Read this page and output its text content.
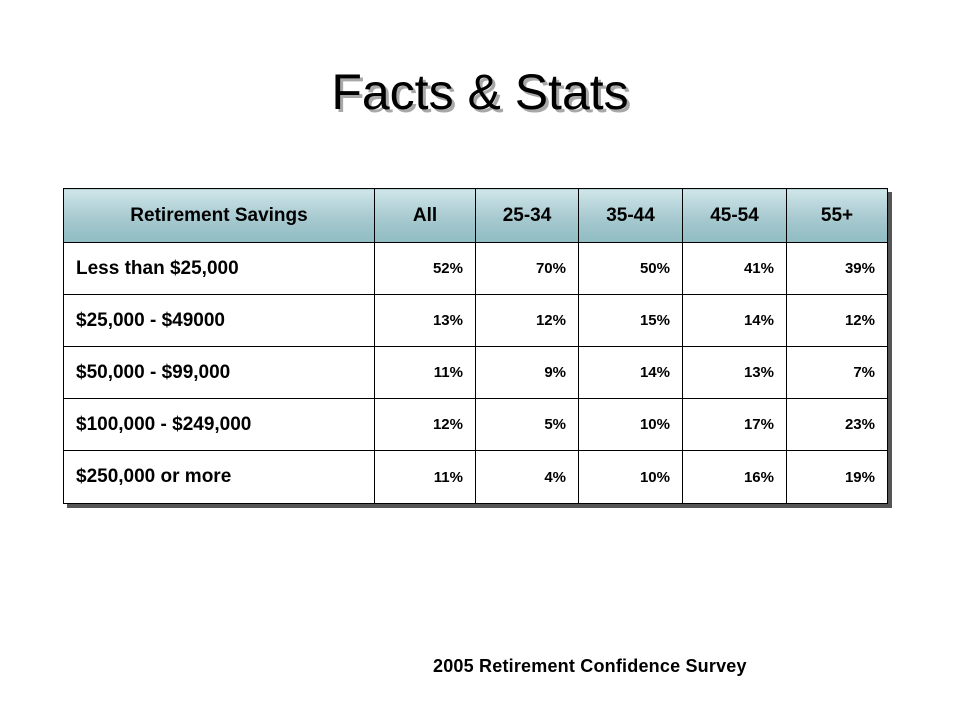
Facts & Stats
Retirement Savings	All	25-34	35-44	45-54	55+
Less than $25,000	52%	70%	50%	41%	39%
$25,000 - $49000	13%	12%	15%	14%	12%
$50,000 - $99,000	11%	9%	14%	13%	7%
$100,000 - $249,000	12%	5%	10%	17%	23%
$250,000 or more	11%	4%	10%	16%	19%
2005 Retirement Confidence Survey
